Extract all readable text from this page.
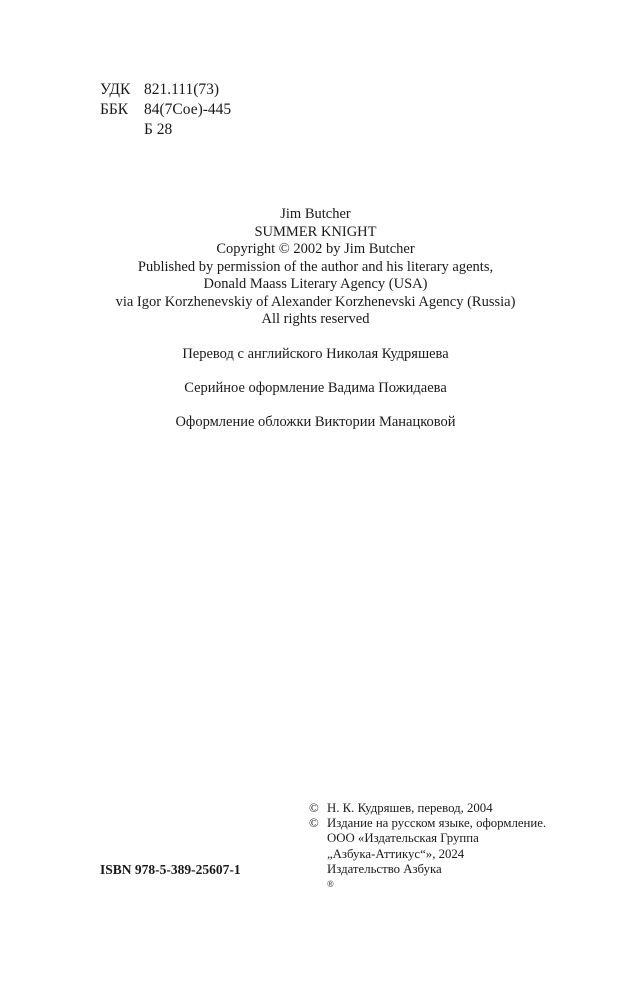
УДК 821.111(73)
ББК	84(7Сое)-445
Б 28
Jim Butcher
SUMMER KNIGHT
Copyright © 2002 by Jim Butcher
Published by permission of the author and his literary agents,
Donald Maass Literary Agency (USA)
via Igor Korzhenevskiy of Alexander Korzhenevski Agency (Russia)
All rights reserved
Перевод с английского Николая Кудряшева
Серийное оформление Вадима Пожидаева
Оформление обложки Виктории Манацковой
ISBN 978-5-389-25607-1
© Н. К. Кудряшев, перевод, 2004
© Издание на русском языке, оформление.
ООО «Издательская Группа
„Азбука-Аттикус“», 2024
Издательство Азбука
®
